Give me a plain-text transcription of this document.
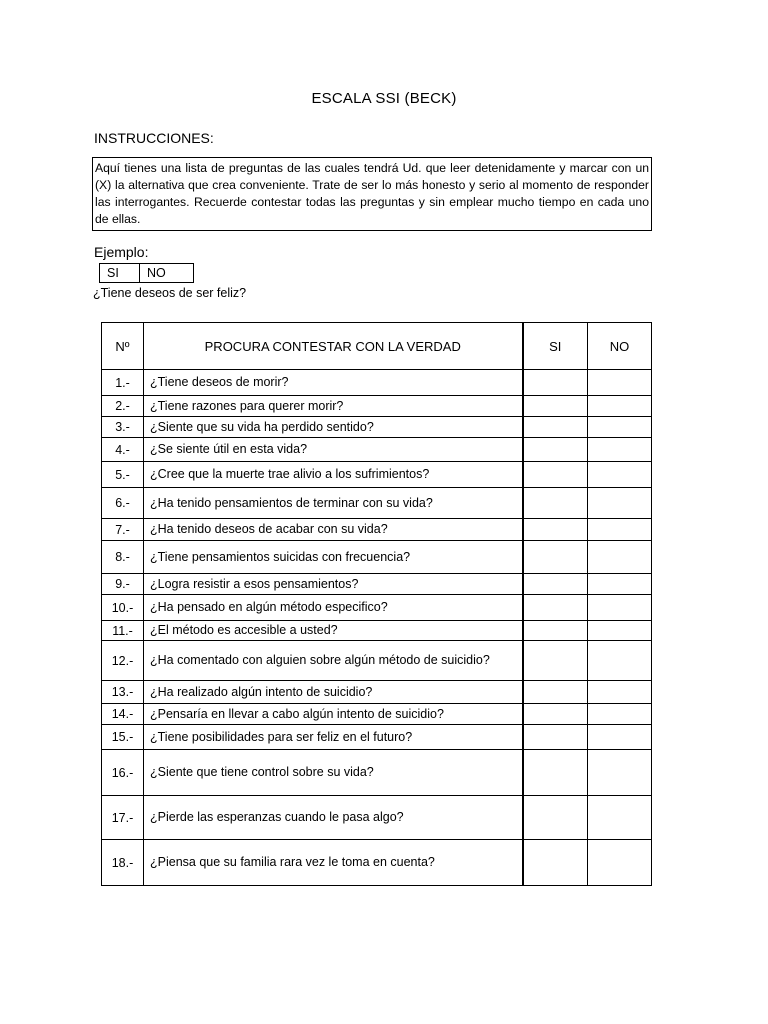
ESCALA SSI (BECK)
INSTRUCCIONES:
Aquí tienes una lista de preguntas de las cuales tendrá Ud. que leer detenidamente y marcar con un (X) la alternativa que crea conveniente. Trate de ser lo más honesto y serio al momento de responder las interrogantes. Recuerde contestar todas las preguntas y sin emplear mucho tiempo en cada uno de ellas.
Ejemplo:
SI	NO
¿Tiene deseos de ser feliz?
Nº	PROCURA CONTESTAR CON LA VERDAD	SI	NO
1.-	¿Tiene deseos de morir?		
2.-	¿Tiene razones para querer morir?		
3.-	¿Siente que su vida ha perdido sentido?		
4.-	¿Se siente útil en esta vida?		
5.-	¿Cree que la muerte trae alivio a los sufrimientos?		
6.-	¿Ha tenido pensamientos de terminar con su vida?		
7.-	¿Ha tenido deseos de acabar con su vida?		
8.-	¿Tiene pensamientos suicidas con frecuencia?		
9.-	¿Logra resistir a esos pensamientos?		
10.-	¿Ha pensado en algún método especifico?		
11.-	¿El método es accesible a usted?		
12.-	¿Ha comentado con alguien sobre algún método de suicidio?		
13.-	¿Ha realizado algún intento de suicidio?		
14.-	¿Pensaría en llevar a cabo algún intento de suicidio?		
15.-	¿Tiene posibilidades para ser feliz en el futuro?		
16.-	¿Siente que tiene control sobre su vida?		
17.-	¿Pierde las esperanzas cuando le pasa algo?		
18.-	¿Piensa que su familia rara vez le toma en cuenta?		
